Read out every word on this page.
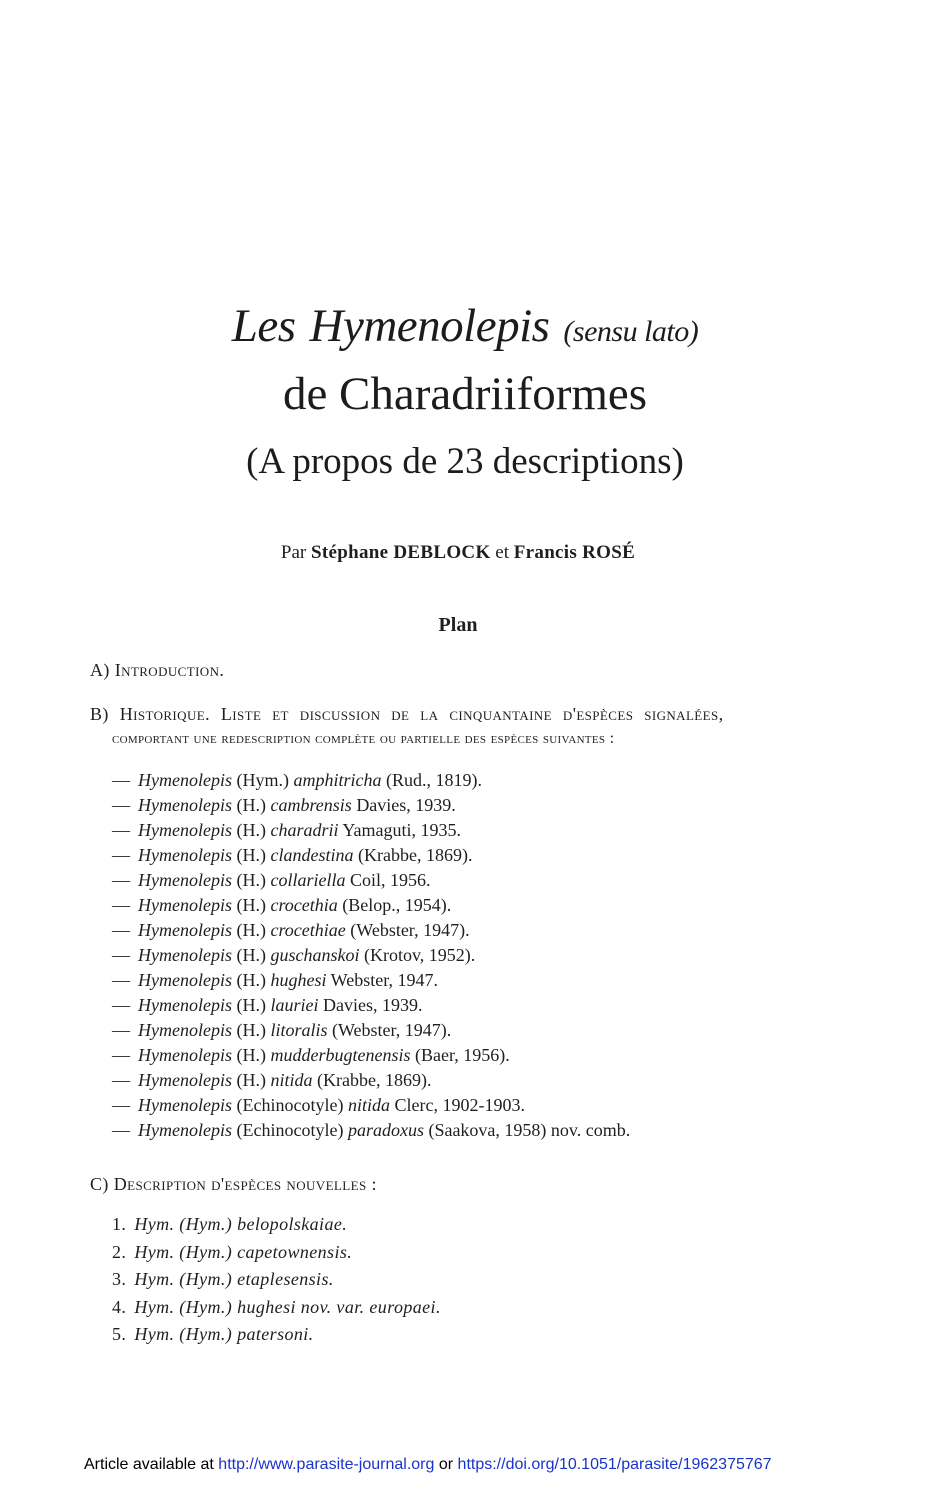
Les Hymenolepis (sensu lato)
de Charadriiformes
(A propos de 23 descriptions)
Par Stéphane DEBLOCK et Francis ROSÉ
Plan
A) Introduction.
B) Historique. Liste et discussion de la cinquantaine d'espèces signalées,
comportant une redescription complète ou partielle des espèces suivantes :
— Hymenolepis (Hym.) amphitricha (Rud., 1819).
— Hymenolepis (H.) cambrensis Davies, 1939.
— Hymenolepis (H.) charadrii Yamaguti, 1935.
— Hymenolepis (H.) clandestina (Krabbe, 1869).
— Hymenolepis (H.) collariella Coil, 1956.
— Hymenolepis (H.) crocethia (Belop., 1954).
— Hymenolepis (H.) crocethiae (Webster, 1947).
— Hymenolepis (H.) guschanskoi (Krotov, 1952).
— Hymenolepis (H.) hughesi Webster, 1947.
— Hymenolepis (H.) lauriei Davies, 1939.
— Hymenolepis (H.) litoralis (Webster, 1947).
— Hymenolepis (H.) mudderbugtenensis (Baer, 1956).
— Hymenolepis (H.) nitida (Krabbe, 1869).
— Hymenolepis (Echinocotyle) nitida Clerc, 1902-1903.
— Hymenolepis (Echinocotyle) paradoxus (Saakova, 1958) nov. comb.
C) Description d'espèces nouvelles :
1. Hym. (Hym.) belopolskaiae.
2. Hym. (Hym.) capetownensis.
3. Hym. (Hym.) etaplesensis.
4. Hym. (Hym.) hughesi nov. var. europaei.
5. Hym. (Hym.) patersoni.
Article available at http://www.parasite-journal.org or https://doi.org/10.1051/parasite/1962375767
